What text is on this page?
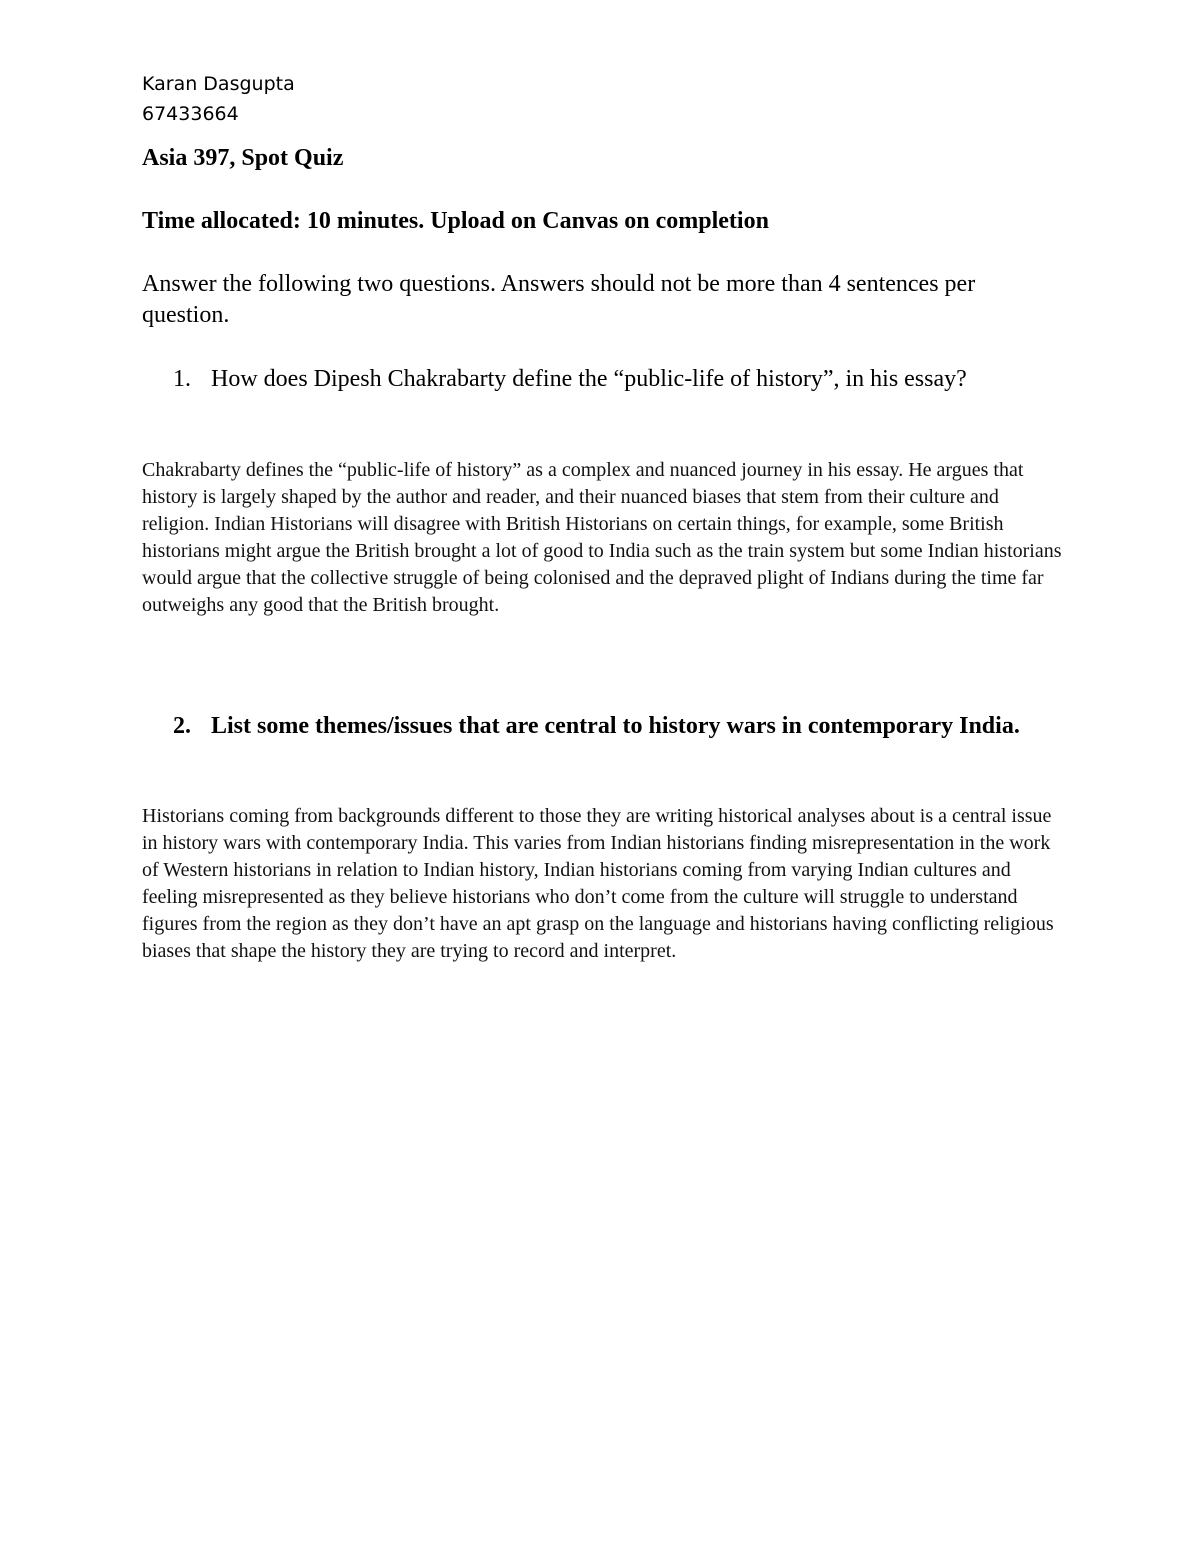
Karan Dasgupta
67433664
Asia 397, Spot Quiz
Time allocated: 10 minutes. Upload on Canvas on completion
Answer the following two questions. Answers should not be more than 4 sentences per question.
1. How does Dipesh Chakrabarty define the “public-life of history”, in his essay?
Chakrabarty defines the “public-life of history” as a complex and nuanced journey in his essay. He argues that history is largely shaped by the author and reader, and their nuanced biases that stem from their culture and religion. Indian Historians will disagree with British Historians on certain things, for example, some British historians might argue the British brought a lot of good to India such as the train system but some Indian historians would argue that the collective struggle of being colonised and the depraved plight of Indians during the time far outweighs any good that the British brought.
2. List some themes/issues that are central to history wars in contemporary India.
Historians coming from backgrounds different to those they are writing historical analyses about is a central issue in history wars with contemporary India. This varies from Indian historians finding misrepresentation in the work of Western historians in relation to Indian history, Indian historians coming from varying Indian cultures and feeling misrepresented as they believe historians who don’t come from the culture will struggle to understand figures from the region as they don’t have an apt grasp on the language and historians having conflicting religious biases that shape the history they are trying to record and interpret.
